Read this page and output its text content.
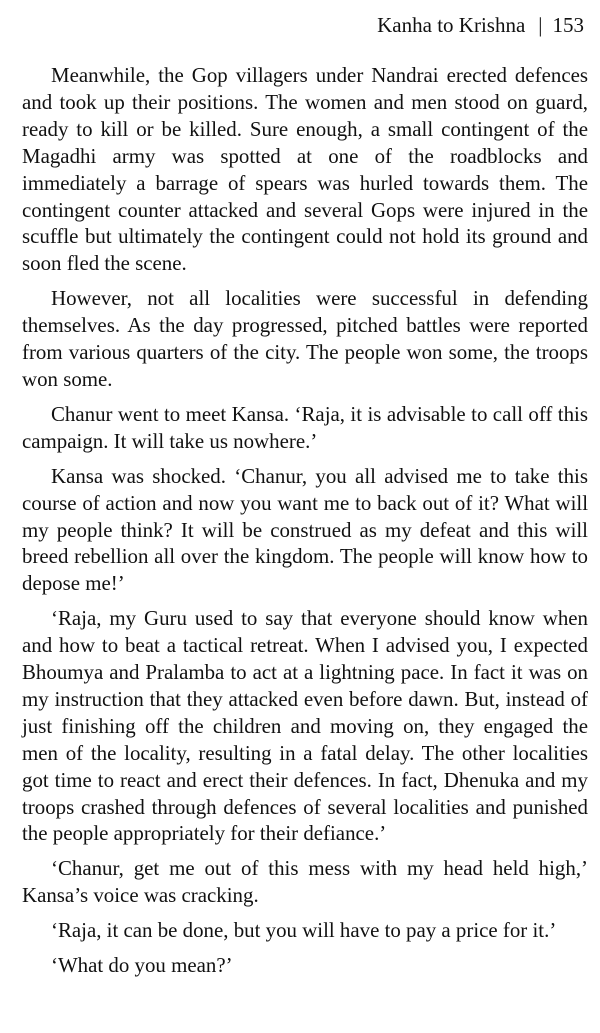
Kanha to Krishna | 153

Meanwhile, the Gop villagers under Nandrai erected defences and took up their positions. The women and men stood on guard, ready to kill or be killed. Sure enough, a small contingent of the Magadhi army was spotted at one of the roadblocks and immediately a barrage of spears was hurled towards them. The contingent counter attacked and several Gops were injured in the scuffle but ultimately the contingent could not hold its ground and soon fled the scene.

However, not all localities were successful in defending themselves. As the day progressed, pitched battles were reported from various quarters of the city. The people won some, the troops won some.

Chanur went to meet Kansa. ‘Raja, it is advisable to call off this campaign. It will take us nowhere.’

Kansa was shocked. ‘Chanur, you all advised me to take this course of action and now you want me to back out of it? What will my people think? It will be construed as my defeat and this will breed rebellion all over the kingdom. The people will know how to depose me!’

‘Raja, my Guru used to say that everyone should know when and how to beat a tactical retreat. When I advised you, I expected Bhoumya and Pralamba to act at a lightning pace. In fact it was on my instruction that they attacked even before dawn. But, instead of just finishing off the children and moving on, they engaged the men of the locality, resulting in a fatal delay. The other localities got time to react and erect their defences. In fact, Dhenuka and my troops crashed through defences of several localities and punished the people appropriately for their defiance.’

‘Chanur, get me out of this mess with my head held high,’ Kansa’s voice was cracking.

‘Raja, it can be done, but you will have to pay a price for it.’

‘What do you mean?’
